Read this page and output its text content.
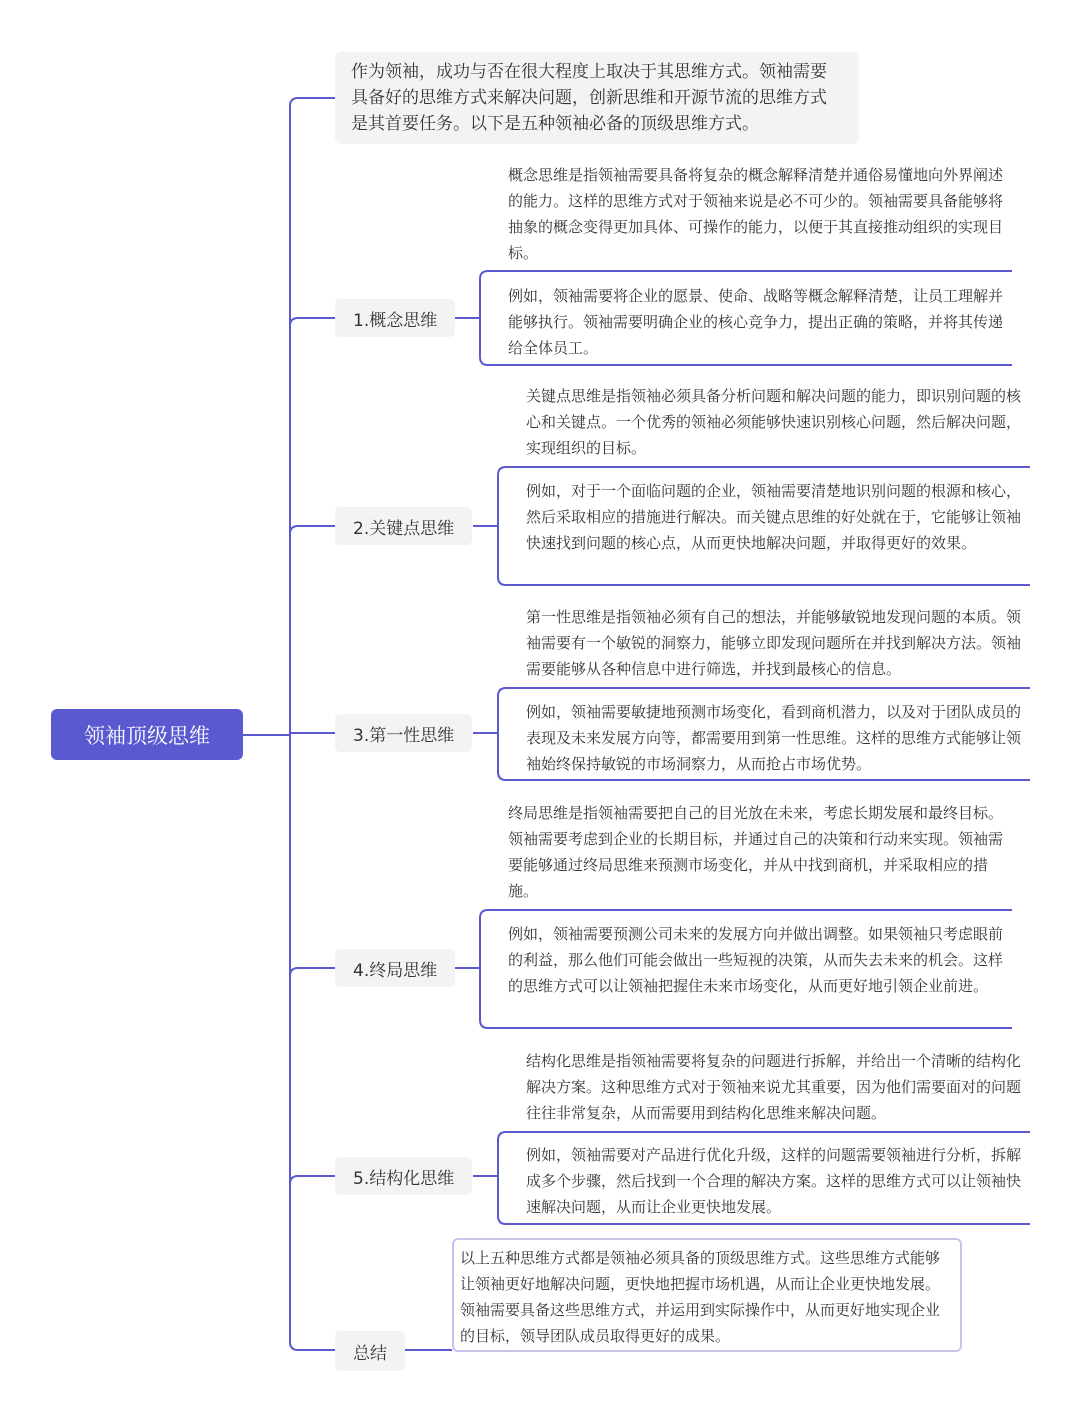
领袖顶级思维
作为领袖，成功与否在很大程度上取决于其思维方式。领袖需要具备好的思维方式来解决问题，创新思维和开源节流的思维方式是其首要任务。以下是五种领袖必备的顶级思维方式。
1.概念思维
概念思维是指领袖需要具备将复杂的概念解释清楚并通俗易懂地向外界阐述的能力。这样的思维方式对于领袖来说是必不可少的。领袖需要具备能够将抽象的概念变得更加具体、可操作的能力，以便于其直接推动组织的实现目标。
例如，领袖需要将企业的愿景、使命、战略等概念解释清楚，让员工理解并能够执行。领袖需要明确企业的核心竞争力，提出正确的策略，并将其传递给全体员工。
2.关键点思维
关键点思维是指领袖必须具备分析问题和解决问题的能力，即识别问题的核心和关键点。一个优秀的领袖必须能够快速识别核心问题，然后解决问题，实现组织的目标。
例如，对于一个面临问题的企业，领袖需要清楚地识别问题的根源和核心，然后采取相应的措施进行解决。而关键点思维的好处就在于，它能够让领袖快速找到问题的核心点，从而更快地解决问题，并取得更好的效果。
3.第一性思维
第一性思维是指领袖必须有自己的想法，并能够敏锐地发现问题的本质。领袖需要有一个敏锐的洞察力，能够立即发现问题所在并找到解决方法。领袖需要能够从各种信息中进行筛选，并找到最核心的信息。
例如，领袖需要敏捷地预测市场变化，看到商机潜力，以及对于团队成员的表现及未来发展方向等，都需要用到第一性思维。这样的思维方式能够让领袖始终保持敏锐的市场洞察力，从而抢占市场优势。
4.终局思维
终局思维是指领袖需要把自己的目光放在未来，考虑长期发展和最终目标。领袖需要考虑到企业的长期目标，并通过自己的决策和行动来实现。领袖需要能够通过终局思维来预测市场变化，并从中找到商机，并采取相应的措施。
例如，领袖需要预测公司未来的发展方向并做出调整。如果领袖只考虑眼前的利益，那么他们可能会做出一些短视的决策，从而失去未来的机会。这样的思维方式可以让领袖把握住未来市场变化，从而更好地引领企业前进。
5.结构化思维
结构化思维是指领袖需要将复杂的问题进行拆解，并给出一个清晰的结构化解决方案。这种思维方式对于领袖来说尤其重要，因为他们需要面对的问题往往非常复杂，从而需要用到结构化思维来解决问题。
例如，领袖需要对产品进行优化升级，这样的问题需要领袖进行分析，拆解成多个步骤，然后找到一个合理的解决方案。这样的思维方式可以让领袖快速解决问题，从而让企业更快地发展。
总结
以上五种思维方式都是领袖必须具备的顶级思维方式。这些思维方式能够让领袖更好地解决问题，更快地把握市场机遇，从而让企业更快地发展。领袖需要具备这些思维方式，并运用到实际操作中，从而更好地实现企业的目标，领导团队成员取得更好的成果。
